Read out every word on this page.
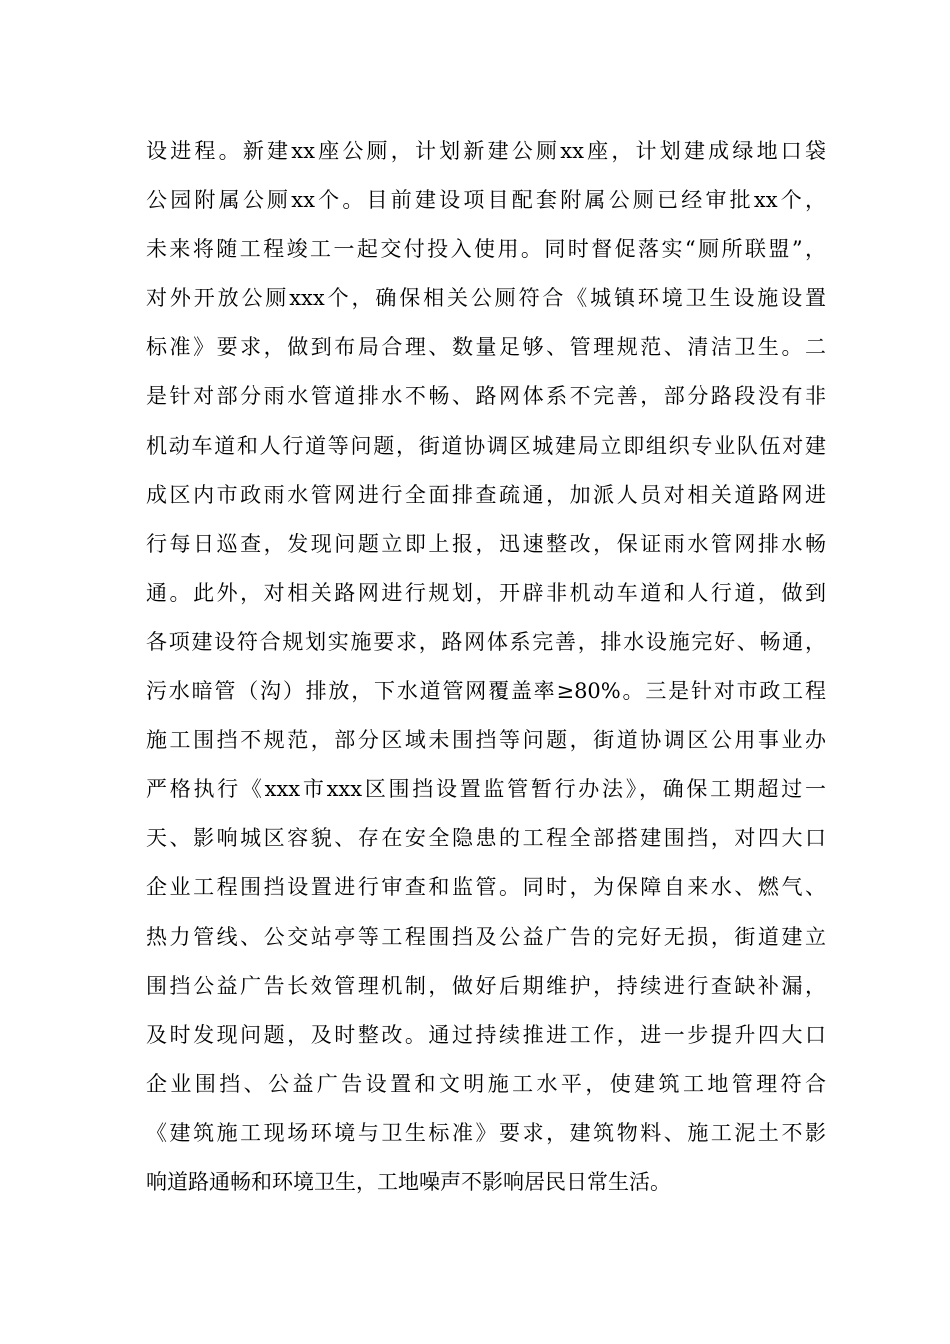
设进程。新建xx座公厕，计划新建公厕xx座，计划建成绿地口袋
公园附属公厕xx个。目前建设项目配套附属公厕已经审批xx个，
未来将随工程竣工一起交付投入使用。同时督促落实“厕所联盟”，
对外开放公厕xxx个，确保相关公厕符合《城镇环境卫生设施设置
标准》要求，做到布局合理、数量足够、管理规范、清洁卫生。二
是针对部分雨水管道排水不畅、路网体系不完善，部分路段没有非
机动车道和人行道等问题，街道协调区城建局立即组织专业队伍对建
成区内市政雨水管网进行全面排查疏通，加派人员对相关道路网进
行每日巡查，发现问题立即上报，迅速整改，保证雨水管网排水畅
通。此外，对相关路网进行规划，开辟非机动车道和人行道，做到
各项建设符合规划实施要求，路网体系完善，排水设施完好、畅通，
污水暗管（沟）排放，下水道管网覆盖率≥80%。三是针对市政工程
施工围挡不规范，部分区域未围挡等问题，街道协调区公用事业办
严格执行《xxx市xxx区围挡设置监管暂行办法》，确保工期超过一
天、影响城区容貌、存在安全隐患的工程全部搭建围挡，对四大口
企业工程围挡设置进行审查和监管。同时，为保障自来水、燃气、
热力管线、公交站亭等工程围挡及公益广告的完好无损，街道建立
围挡公益广告长效管理机制，做好后期维护，持续进行查缺补漏，
及时发现问题，及时整改。通过持续推进工作，进一步提升四大口
企业围挡、公益广告设置和文明施工水平，使建筑工地管理符合
《建筑施工现场环境与卫生标准》要求，建筑物料、施工泥土不影
响道路通畅和环境卫生，工地噪声不影响居民日常生活。
